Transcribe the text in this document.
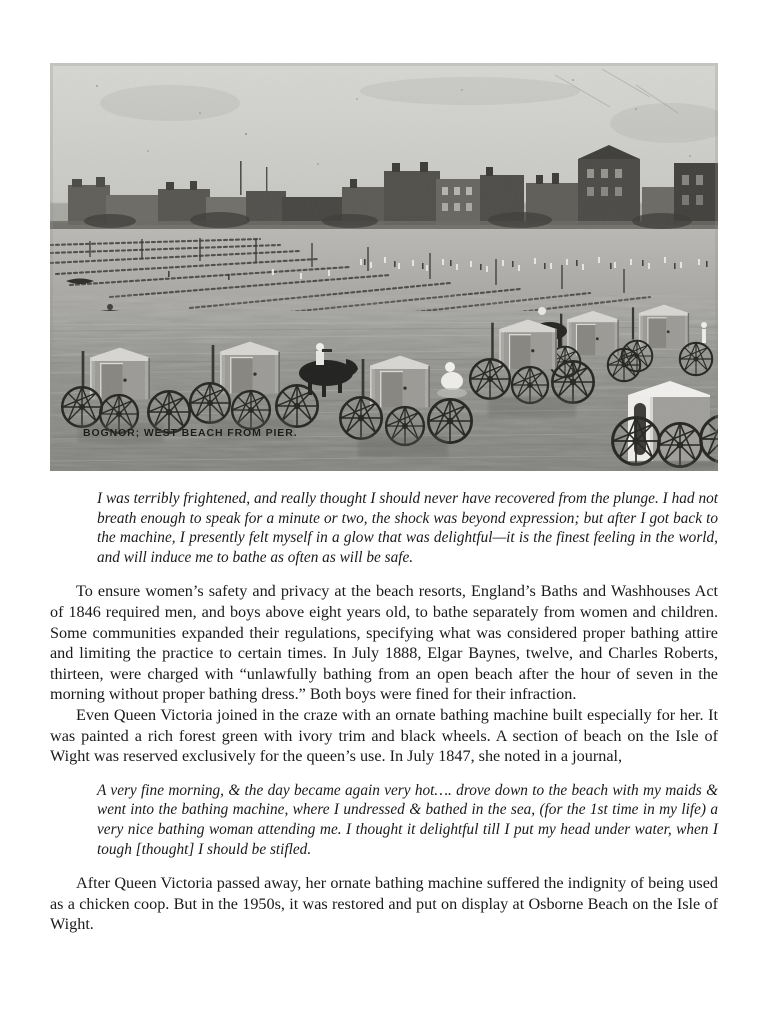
BOGNOR; WEST BEACH FROM PIER.

I was terribly frightened, and really thought I should never have recovered from the plunge. I had not breath enough to speak for a minute or two, the shock was beyond expression; but after I got back to the machine, I presently felt myself in a glow that was delightful—it is the finest feeling in the world, and will induce me to bathe as often as will be safe.

To ensure women’s safety and privacy at the beach resorts, England’s Baths and Washhouses Act of 1846 required men, and boys above eight years old, to bathe separately from women and children. Some communities expanded their regulations, specifying what was considered proper bathing attire and limiting the practice to certain times. In July 1888, Elgar Baynes, twelve, and Charles Roberts, thirteen, were charged with “unlawfully bathing from an open beach after the hour of seven in the morning without proper bathing dress.” Both boys were fined for their infraction.

Even Queen Victoria joined in the craze with an ornate bathing machine built especially for her. It was painted a rich forest green with ivory trim and black wheels. A section of beach on the Isle of Wight was reserved exclusively for the queen’s use. In July 1847, she noted in a journal,

A very fine morning, & the day became again very hot…. drove down to the beach with my maids & went into the bathing machine, where I undressed & bathed in the sea, (for the 1st time in my life) a very nice bathing woman attending me. I thought it delightful till I put my head under water, when I tough [thought] I should be stifled.

After Queen Victoria passed away, her ornate bathing machine suffered the indignity of being used as a chicken coop. But in the 1950s, it was restored and put on display at Osborne Beach on the Isle of Wight.
